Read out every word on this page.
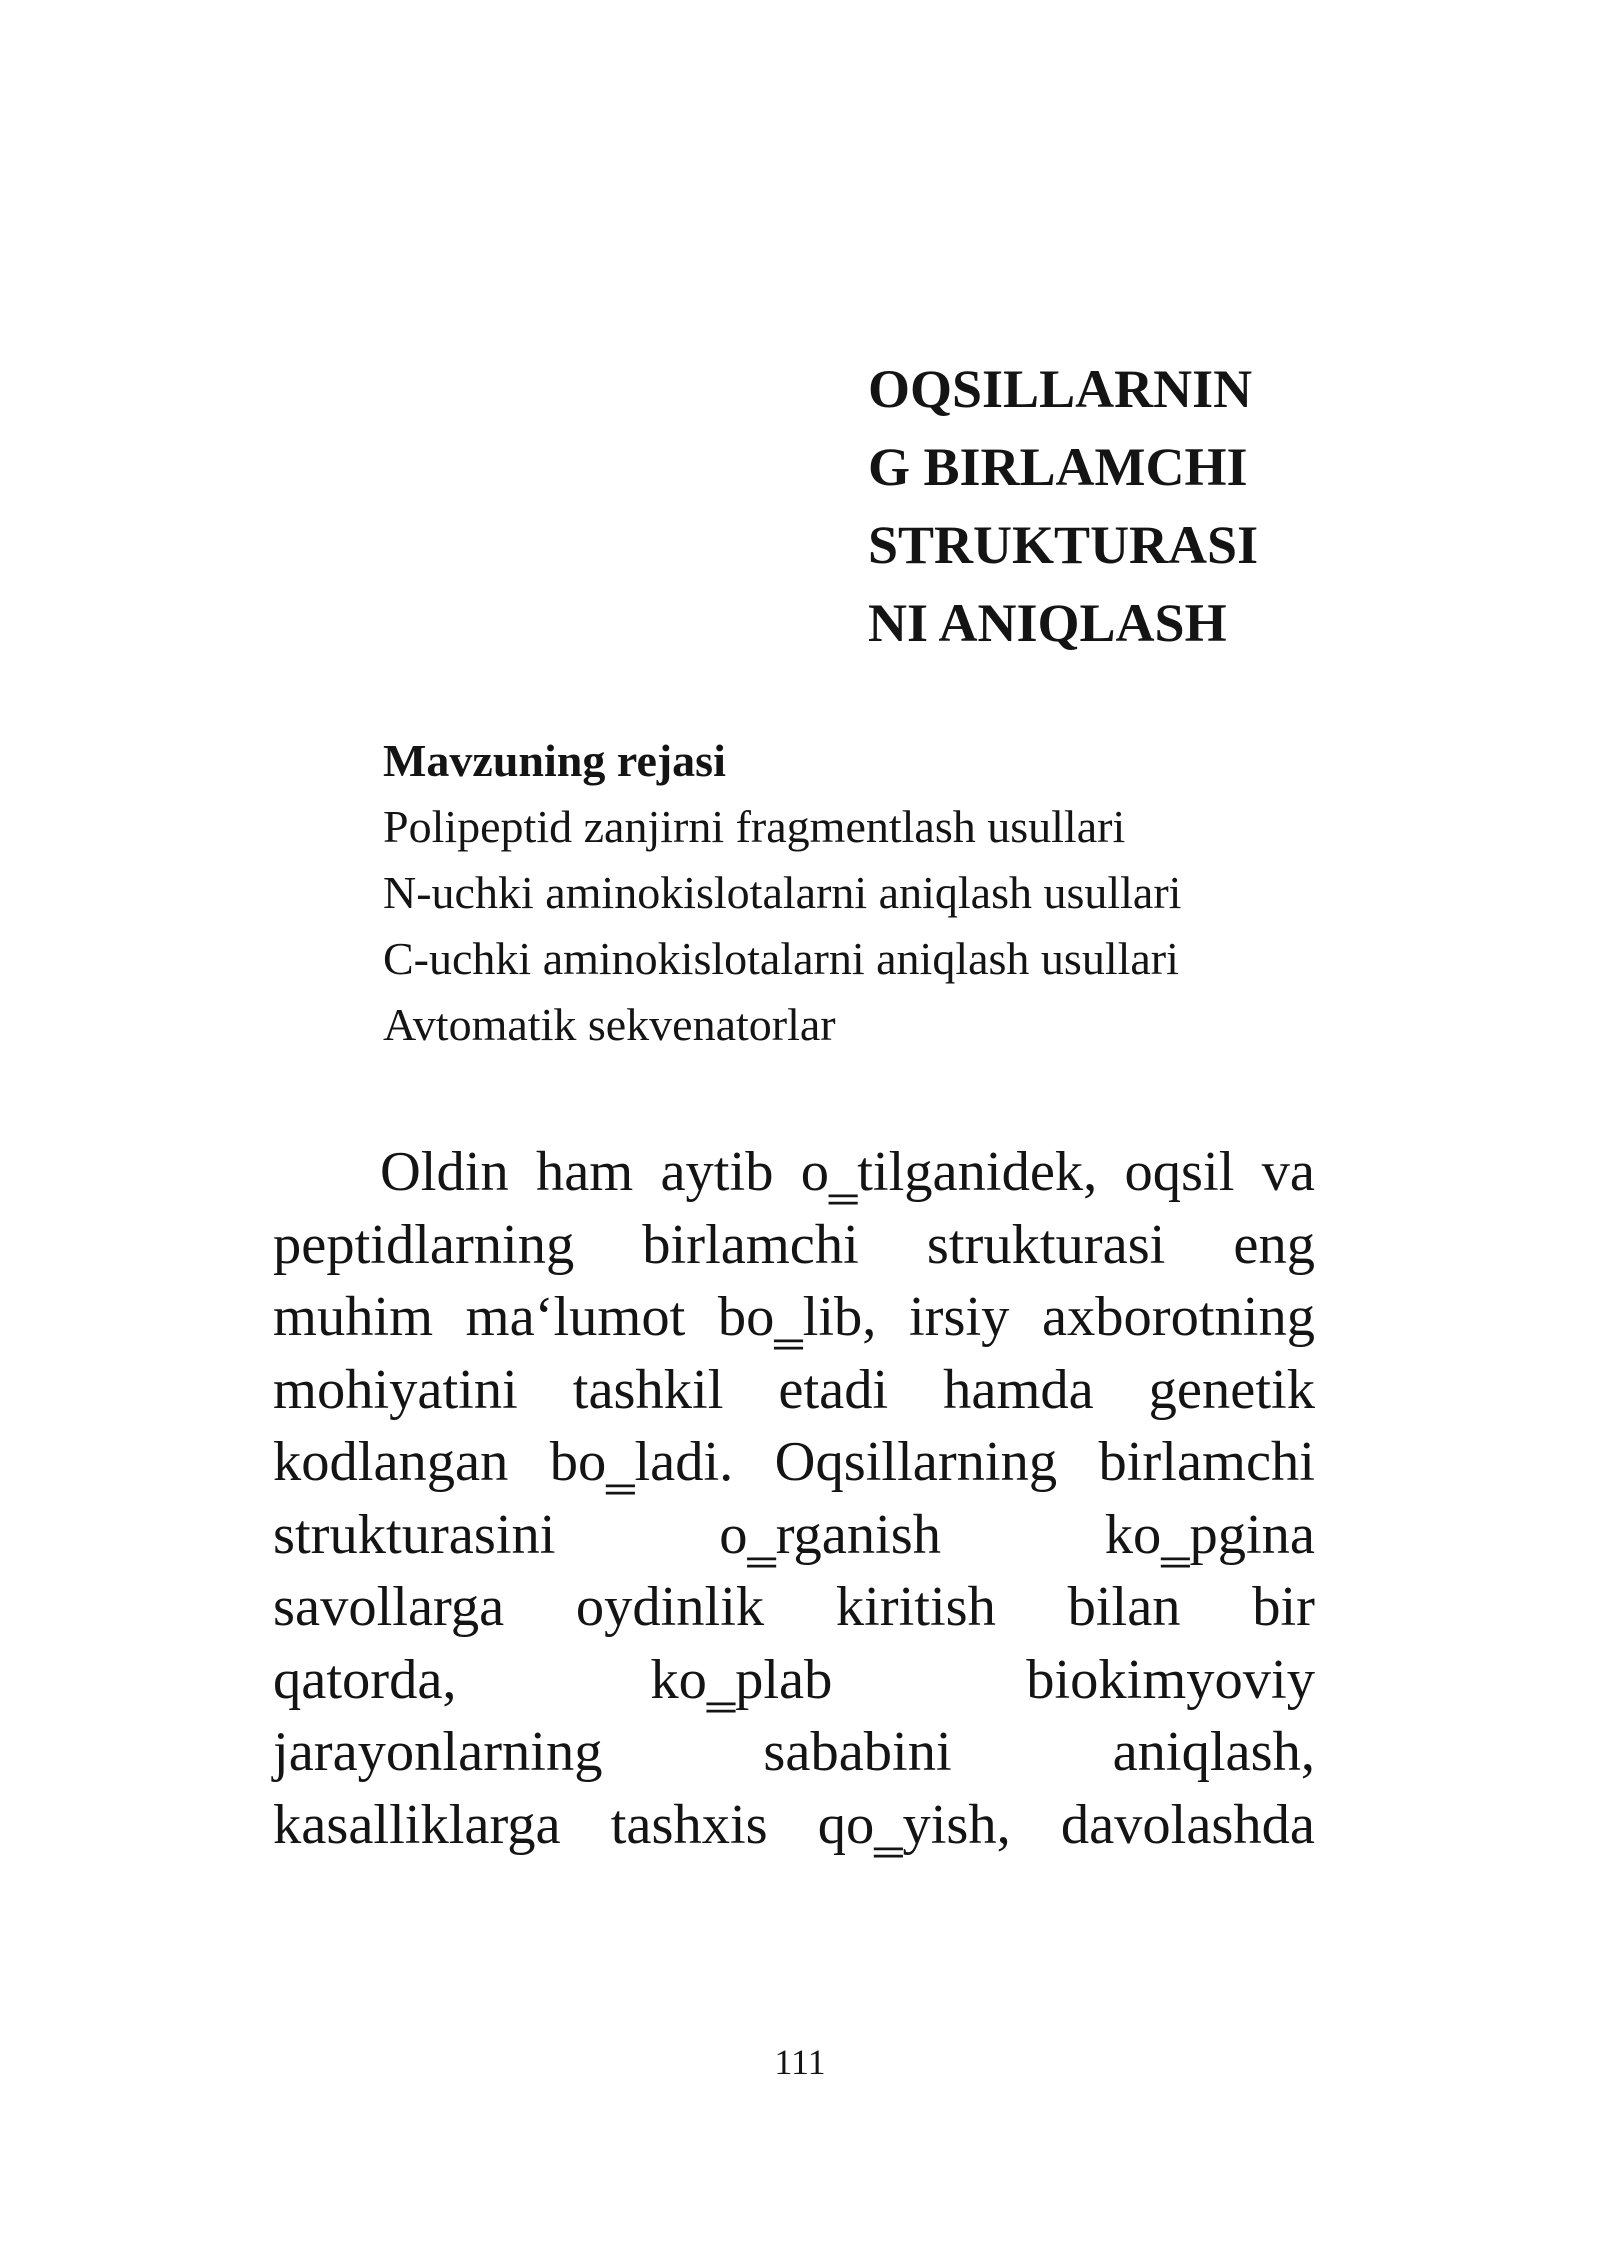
OQSILLARNIN
G BIRLAMCHI
STRUKTURASI
NI ANIQLASH
Mavzuning rejasi
Polipeptid zanjirni fragmentlash usullari
N-uchki aminokislotalarni aniqlash usullari
C-uchki aminokislotalarni aniqlash usullari
Avtomatik sekvenatorlar
Oldin ham aytib o‗tilganidek, oqsil va
peptidlarning birlamchi strukturasi eng
muhim ma‘lumot bo‗lib, irsiy axborotning
mohiyatini tashkil etadi hamda genetik
kodlangan bo‗ladi. Oqsillarning birlamchi
strukturasini o‗rganish ko‗pgina
savollarga oydinlik kiritish bilan bir
qatorda, ko‗plab biokimyoviy
jarayonlarning sababini aniqlash,
kasalliklarga tashxis qo‗yish, davolashda
111
